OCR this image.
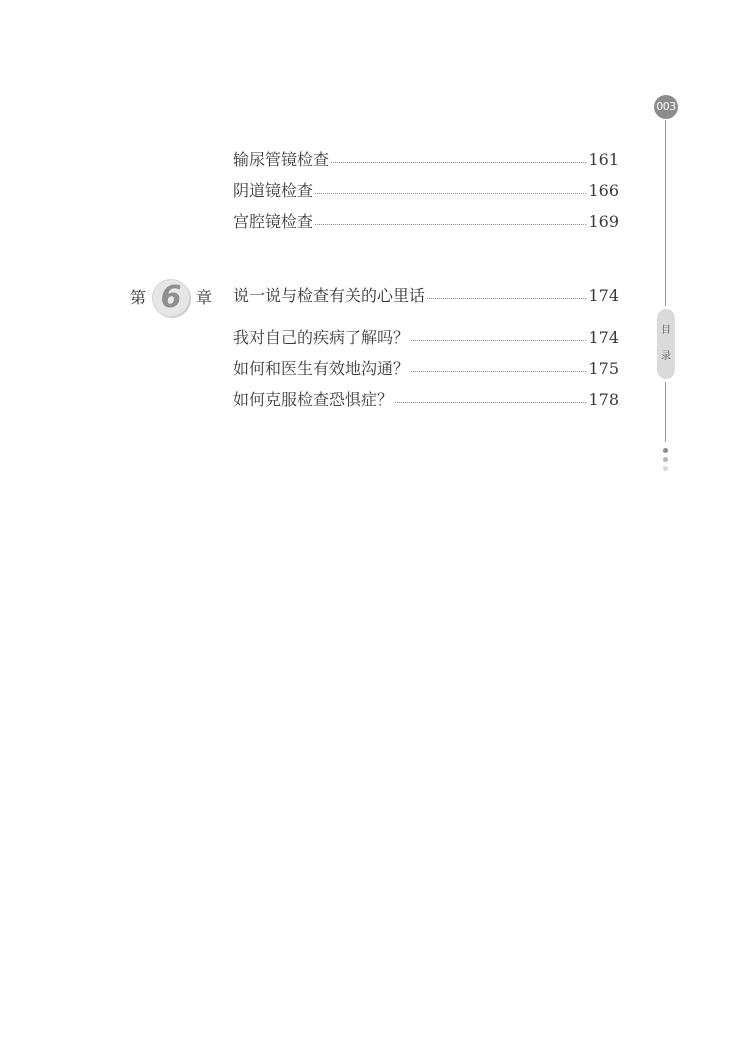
输尿管镜检查	161
阴道镜检查	166
宫腔镜检查	169
第 6 章 说一说与检查有关的心里话	174
我对自己的疾病了解吗？	174
如何和医生有效地沟通？	175
如何克服检查恐惧症？	178
003
目
录
